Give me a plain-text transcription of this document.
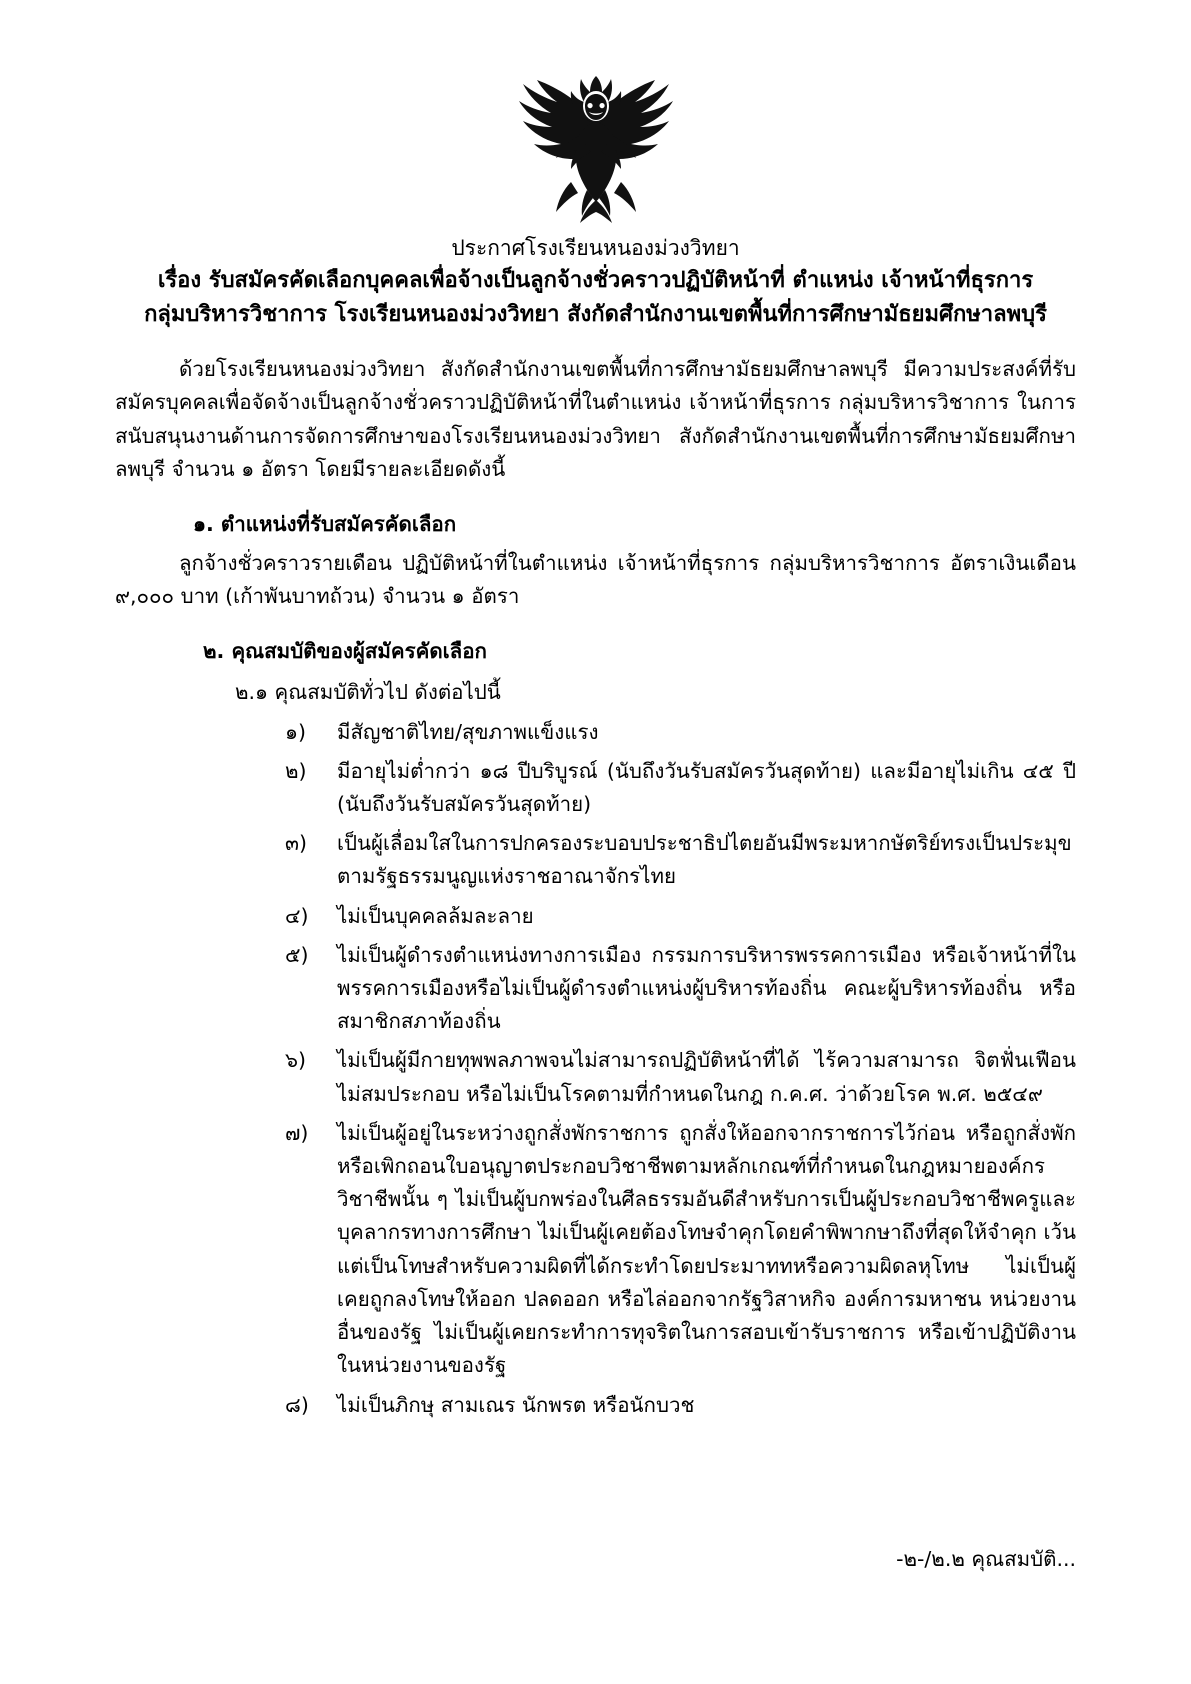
ประกาศโรงเรียนหนองม่วงวิทยา
เรื่อง รับสมัครคัดเลือกบุคคลเพื่อจ้างเป็นลูกจ้างชั่วคราวปฏิบัติหน้าที่ ตำแหน่ง เจ้าหน้าที่ธุรการ
กลุ่มบริหารวิชาการ โรงเรียนหนองม่วงวิทยา สังกัดสำนักงานเขตพื้นที่การศึกษามัธยมศึกษาลพบุรี
ด้วยโรงเรียนหนองม่วงวิทยา สังกัดสำนักงานเขตพื้นที่การศึกษามัธยมศึกษาลพบุรี มีความประสงค์ที่รับสมัครบุคคลเพื่อจัดจ้างเป็นลูกจ้างชั่วคราวปฏิบัติหน้าที่ในตำแหน่ง เจ้าหน้าที่ธุรการ กลุ่มบริหารวิชาการ ในการสนับสนุนงานด้านการจัดการศึกษาของโรงเรียนหนองม่วงวิทยา สังกัดสำนักงานเขตพื้นที่การศึกษามัธยมศึกษาลพบุรี จำนวน ๑ อัตรา โดยมีรายละเอียดดังนี้
๑. ตำแหน่งที่รับสมัครคัดเลือก
ลูกจ้างชั่วคราวรายเดือน ปฏิบัติหน้าที่ในตำแหน่ง เจ้าหน้าที่ธุรการ กลุ่มบริหารวิชาการ อัตราเงินเดือน ๙,๐๐๐ บาท (เก้าพันบาทถ้วน) จำนวน ๑ อัตรา
๒. คุณสมบัติของผู้สมัครคัดเลือก
๒.๑ คุณสมบัติทั่วไป ดังต่อไปนี้
๑)	มีสัญชาติไทย/สุขภาพแข็งแรง
๒)	มีอายุไม่ต่ำกว่า ๑๘ ปีบริบูรณ์ (นับถึงวันรับสมัครวันสุดท้าย) และมีอายุไม่เกิน ๔๕ ปี (นับถึงวันรับสมัครวันสุดท้าย)
๓)	เป็นผู้เลื่อมใสในการปกครองระบอบประชาธิปไตยอันมีพระมหากษัตริย์ทรงเป็นประมุข ตามรัฐธรรมนูญแห่งราชอาณาจักรไทย
๔)	ไม่เป็นบุคคลล้มละลาย
๕)	ไม่เป็นผู้ดำรงตำแหน่งทางการเมือง กรรมการบริหารพรรคการเมือง หรือเจ้าหน้าที่ในพรรคการเมืองหรือไม่เป็นผู้ดำรงตำแหน่งผู้บริหารท้องถิ่น คณะผู้บริหารท้องถิ่น หรือสมาชิกสภาท้องถิ่น
๖)	ไม่เป็นผู้มีกายทุพพลภาพจนไม่สามารถปฏิบัติหน้าที่ได้ ไร้ความสามารถ จิตฟั่นเฟือนไม่สมประกอบ หรือไม่เป็นโรคตามที่กำหนดในกฎ ก.ค.ศ. ว่าด้วยโรค พ.ศ. ๒๕๔๙
๗)	ไม่เป็นผู้อยู่ในระหว่างถูกสั่งพักราชการ ถูกสั่งให้ออกจากราชการไว้ก่อน หรือถูกสั่งพักหรือเพิกถอนใบอนุญาตประกอบวิชาชีพตามหลักเกณฑ์ที่กำหนดในกฎหมายองค์กรวิชาชีพนั้น ๆ ไม่เป็นผู้บกพร่องในศีลธรรมอันดีสำหรับการเป็นผู้ประกอบวิชาชีพครูและบุคลากรทางการศึกษา ไม่เป็นผู้เคยต้องโทษจำคุกโดยคำพิพากษาถึงที่สุดให้จำคุก เว้นแต่เป็นโทษสำหรับความผิดที่ได้กระทำโดยประมาททหรือความผิดลหุโทษ ไม่เป็นผู้เคยถูกลงโทษให้ออก ปลดออก หรือไล่ออกจากรัฐวิสาหกิจ องค์การมหาชน หน่วยงานอื่นของรัฐ ไม่เป็นผู้เคยกระทำการทุจริตในการสอบเข้ารับราชการ หรือเข้าปฏิบัติงานในหน่วยงานของรัฐ
๘)	ไม่เป็นภิกษุ สามเณร นักพรต หรือนักบวช
-๒-/๒.๒ คุณสมบัติ...
